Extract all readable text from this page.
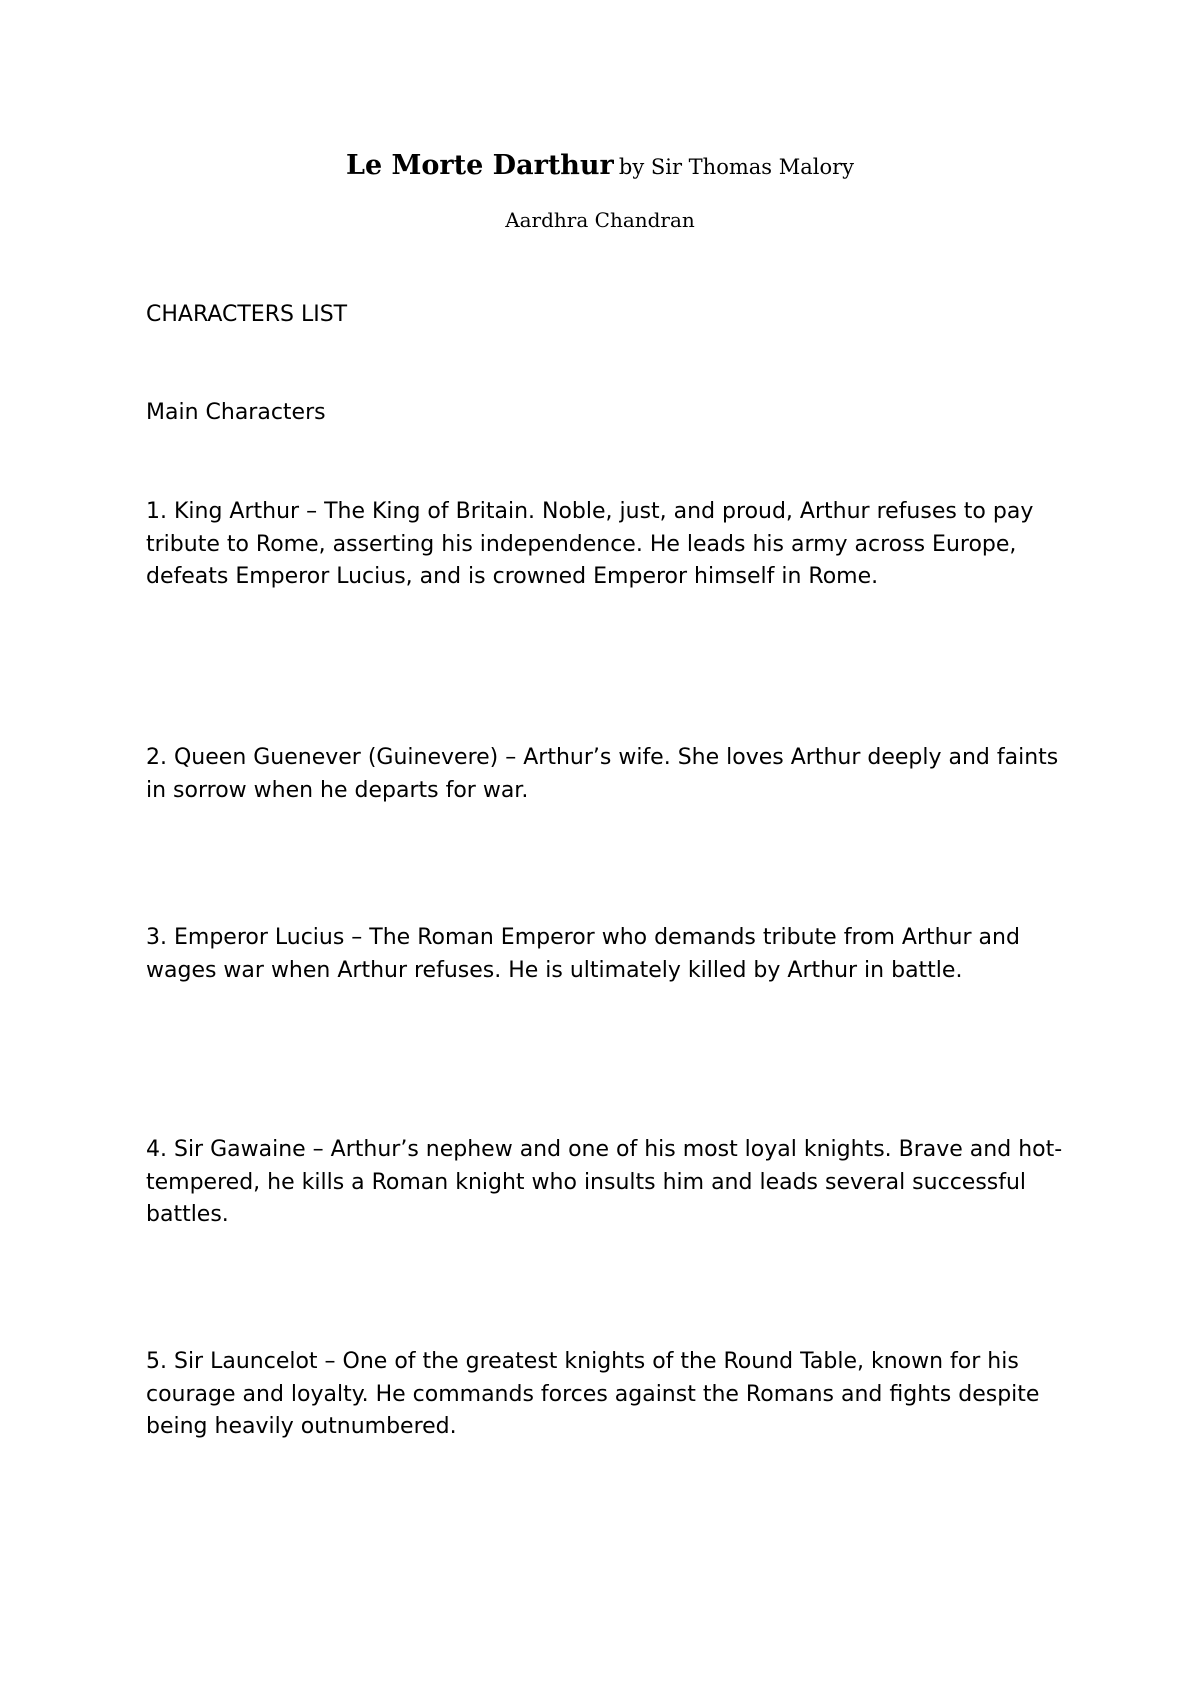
Le Morte Darthur by Sir Thomas Malory
Aardhra Chandran
CHARACTERS LIST
Main Characters
1. King Arthur – The King of Britain. Noble, just, and proud, Arthur refuses to pay tribute to Rome, asserting his independence. He leads his army across Europe, defeats Emperor Lucius, and is crowned Emperor himself in Rome.
2. Queen Guenever (Guinevere) – Arthur’s wife. She loves Arthur deeply and faints in sorrow when he departs for war.
3. Emperor Lucius – The Roman Emperor who demands tribute from Arthur and wages war when Arthur refuses. He is ultimately killed by Arthur in battle.
4. Sir Gawaine – Arthur’s nephew and one of his most loyal knights. Brave and hot-tempered, he kills a Roman knight who insults him and leads several successful battles.
5. Sir Launcelot – One of the greatest knights of the Round Table, known for his courage and loyalty. He commands forces against the Romans and fights despite being heavily outnumbered.
